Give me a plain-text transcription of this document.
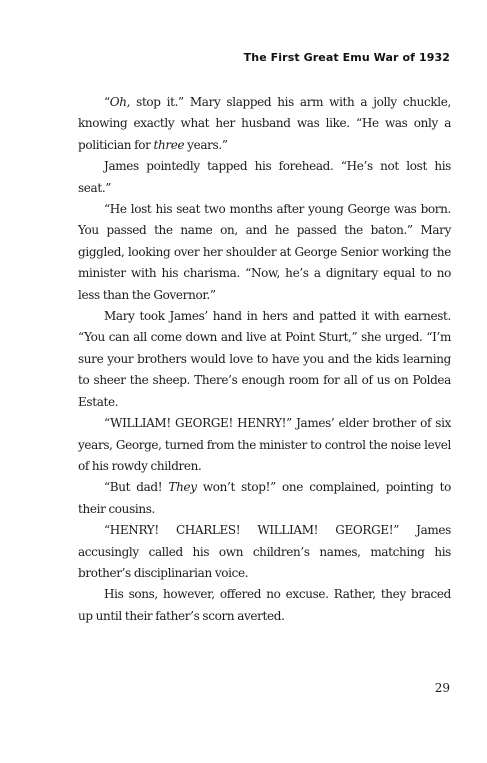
The First Great Emu War of 1932

“Oh, stop it.” Mary slapped his arm with a jolly chuckle, knowing exactly what her husband was like. “He was only a politician for three years.”

James pointedly tapped his forehead. “He’s not lost his seat.”

“He lost his seat two months after young George was born. You passed the name on, and he passed the baton.” Mary giggled, looking over her shoulder at George Senior working the minister with his charisma. “Now, he’s a dignitary equal to no less than the Governor.”

Mary took James’ hand in hers and patted it with earnest. “You can all come down and live at Point Sturt,” she urged. “I’m sure your brothers would love to have you and the kids learning to sheer the sheep. There’s enough room for all of us on Poldea Estate.

“WILLIAM! GEORGE! HENRY!” James’ elder brother of six years, George, turned from the minister to control the noise level of his rowdy children.

“But dad! They won’t stop!” one complained, pointing to their cousins.

“HENRY! CHARLES! WILLIAM! GEORGE!” James accusingly called his own children’s names, matching his brother’s disciplinarian voice.

His sons, however, offered no excuse. Rather, they braced up until their father’s scorn averted.

29
